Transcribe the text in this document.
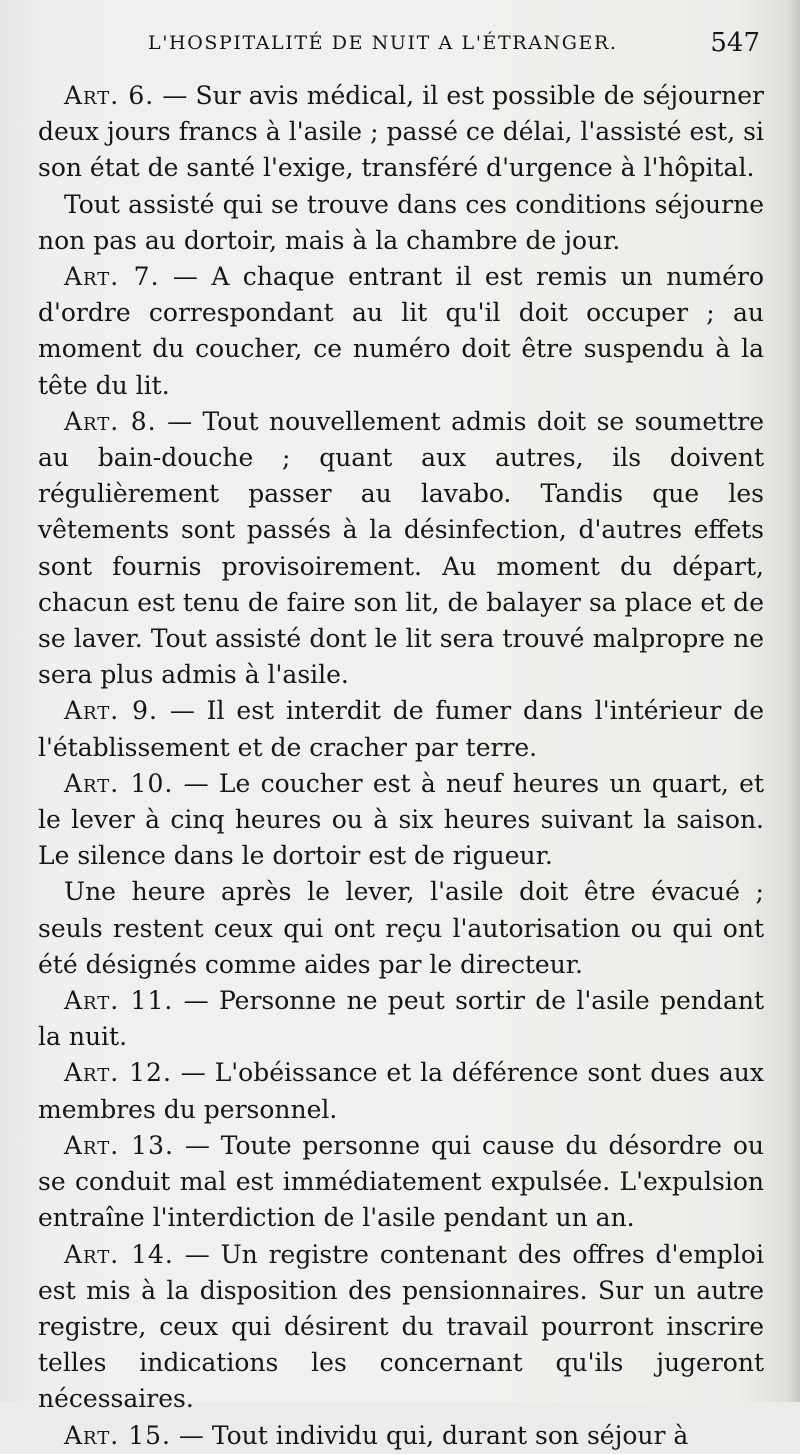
L'HOSPITALITÉ DE NUIT A L'ÉTRANGER.	547

Art. 6. — Sur avis médical, il est possible de séjourner deux jours francs à l'asile ; passé ce délai, l'assisté est, si son état de santé l'exige, transféré d'urgence à l'hôpital.

Tout assisté qui se trouve dans ces conditions séjourne non pas au dortoir, mais à la chambre de jour.

Art. 7. — A chaque entrant il est remis un numéro d'ordre correspondant au lit qu'il doit occuper ; au moment du coucher, ce numéro doit être suspendu à la tête du lit.

Art. 8. — Tout nouvellement admis doit se soumettre au bain-douche ; quant aux autres, ils doivent régulièrement passer au lavabo. Tandis que les vêtements sont passés à la désinfection, d'autres effets sont fournis provisoirement. Au moment du départ, chacun est tenu de faire son lit, de balayer sa place et de se laver. Tout assisté dont le lit sera trouvé malpropre ne sera plus admis à l'asile.

Art. 9. — Il est interdit de fumer dans l'intérieur de l'établissement et de cracher par terre.

Art. 10. — Le coucher est à neuf heures un quart, et le lever à cinq heures ou à six heures suivant la saison. Le silence dans le dortoir est de rigueur.

Une heure après le lever, l'asile doit être évacué ; seuls restent ceux qui ont reçu l'autorisation ou qui ont été désignés comme aides par le directeur.

Art. 11. — Personne ne peut sortir de l'asile pendant la nuit.

Art. 12. — L'obéissance et la déférence sont dues aux membres du personnel.

Art. 13. — Toute personne qui cause du désordre ou se conduit mal est immédiatement expulsée. L'expulsion entraîne l'interdiction de l'asile pendant un an.

Art. 14. — Un registre contenant des offres d'emploi est mis à la disposition des pensionnaires. Sur un autre registre, ceux qui désirent du travail pourront inscrire telles indications les concernant qu'ils jugeront nécessaires.

Art. 15. — Tout individu qui, durant son séjour à
